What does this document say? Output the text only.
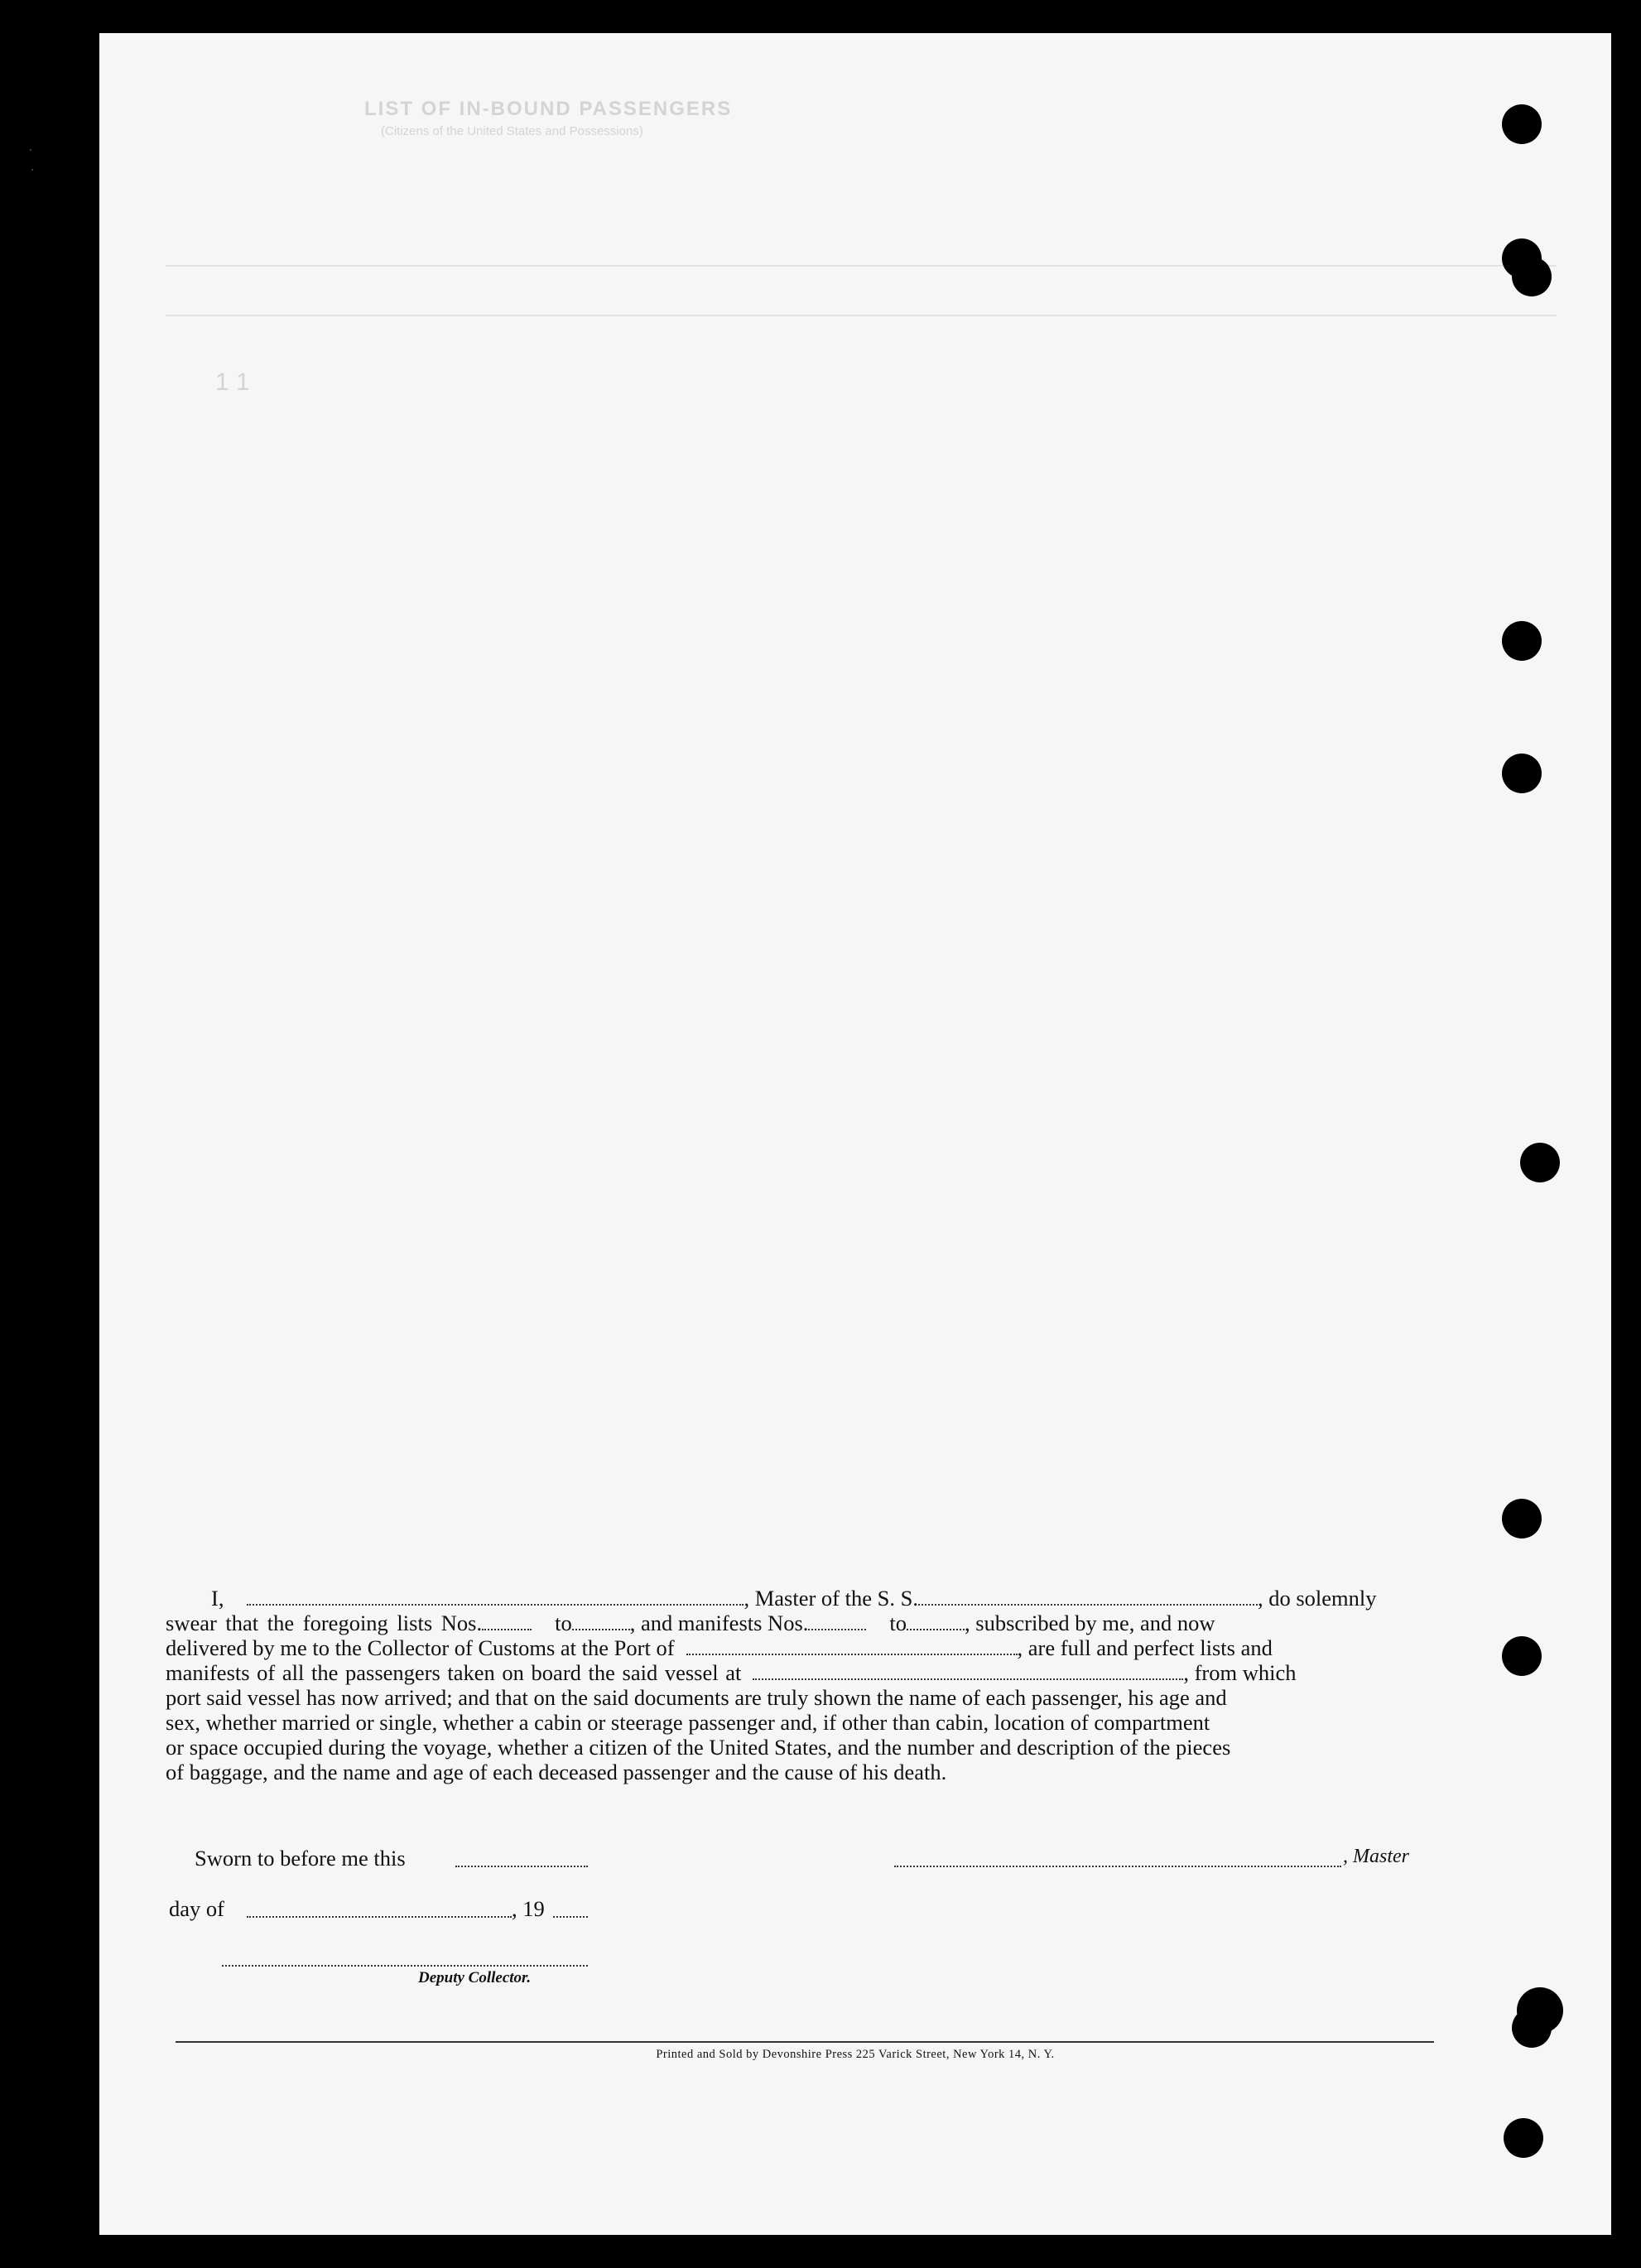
LIST OF IN-BOUND PASSENGERS
(Citizens of the United States and Possessions)
1 1

I,	, Master of the S. S.	, do solemnly

swear that the foregoing lists Nos.	to	, and manifests Nos.	to	, subscribed by me, and now

delivered by me to the Collector of Customs at the Port of	, are full and perfect lists and

manifests of all the passengers taken on board the said vessel at	, from which

port said vessel has now arrived; and that on the said documents are truly shown the name of each passenger, his age and

sex, whether married or single, whether a cabin or steerage passenger and, if other than cabin, location of compartment

or space occupied during the voyage, whether a citizen of the United States, and the number and description of the pieces

of baggage, and the name and age of each deceased passenger and the cause of his death.

Sworn to before me this	, Master
day of	, 19
Deputy Collector.
Printed and Sold by Devonshire Press 225 Varick Street, New York 14, N. Y.
˙
˙
